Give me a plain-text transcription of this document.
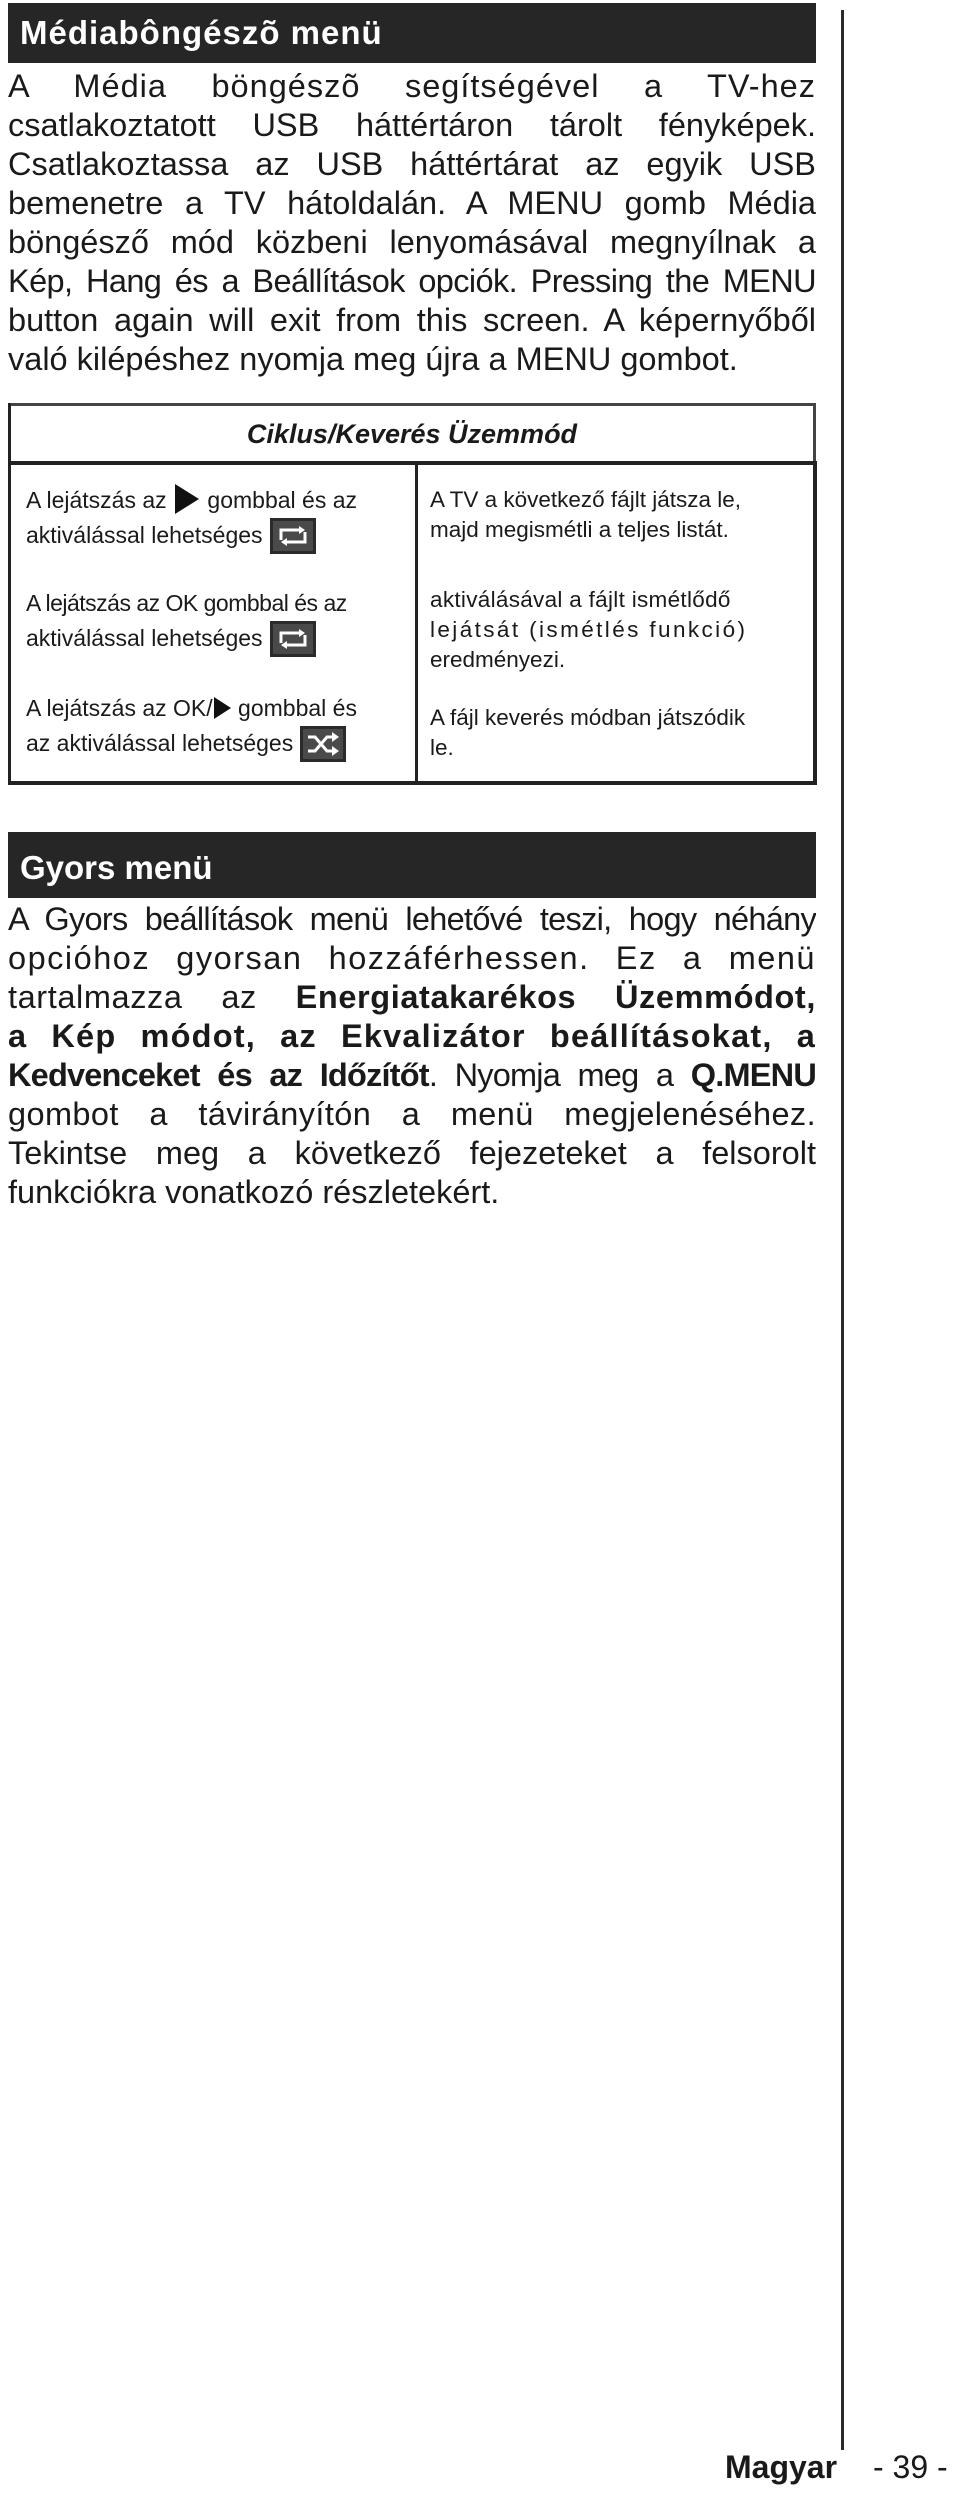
Médiabôngészõ menü
A Média böngészõ segítségével a TV-hez
csatlakoztatott USB háttértáron tárolt fényképek.
Csatlakoztassa az USB háttértárat az egyik USB
bemenetre a TV hátoldalán. A MENU gomb Média
böngésző mód közbeni lenyomásával megnyílnak a
Kép, Hang és a Beállítások opciók. Pressing the MENU
button again will exit from this screen. A képernyőből
való kilépéshez nyomja meg újra a MENU gombot.
Ciklus/Keverés Üzemmód
A lejátszás az gombbal és az
aktiválással lehetséges
A TV a következő fájlt játsza le,
majd megismétli a teljes listát.
A lejátszás az OK gombbal és az
aktiválással lehetséges
aktiválásával a fájlt ismétlődő
lejátsát (ismétlés funkció)
eredményezi.
A lejátszás az OK/ gombbal és
az aktiválással lehetséges
A fájl keverés módban játszódik
le.
Gyors menü
A Gyors beállítások menü lehetővé teszi, hogy néhány
opcióhoz gyorsan hozzáférhessen. Ez a menü
tartalmazza az Energiatakarékos Üzemmódot,
a Kép módot, az Ekvalizátor beállításokat, a
Kedvenceket és az Időzítőt. Nyomja meg a Q.MENU
gombot a távirányítón a menü megjelenéséhez.
Tekintse meg a következő fejezeteket a felsorolt
funkciókra vonatkozó részletekért.
Magyar - 39 -
